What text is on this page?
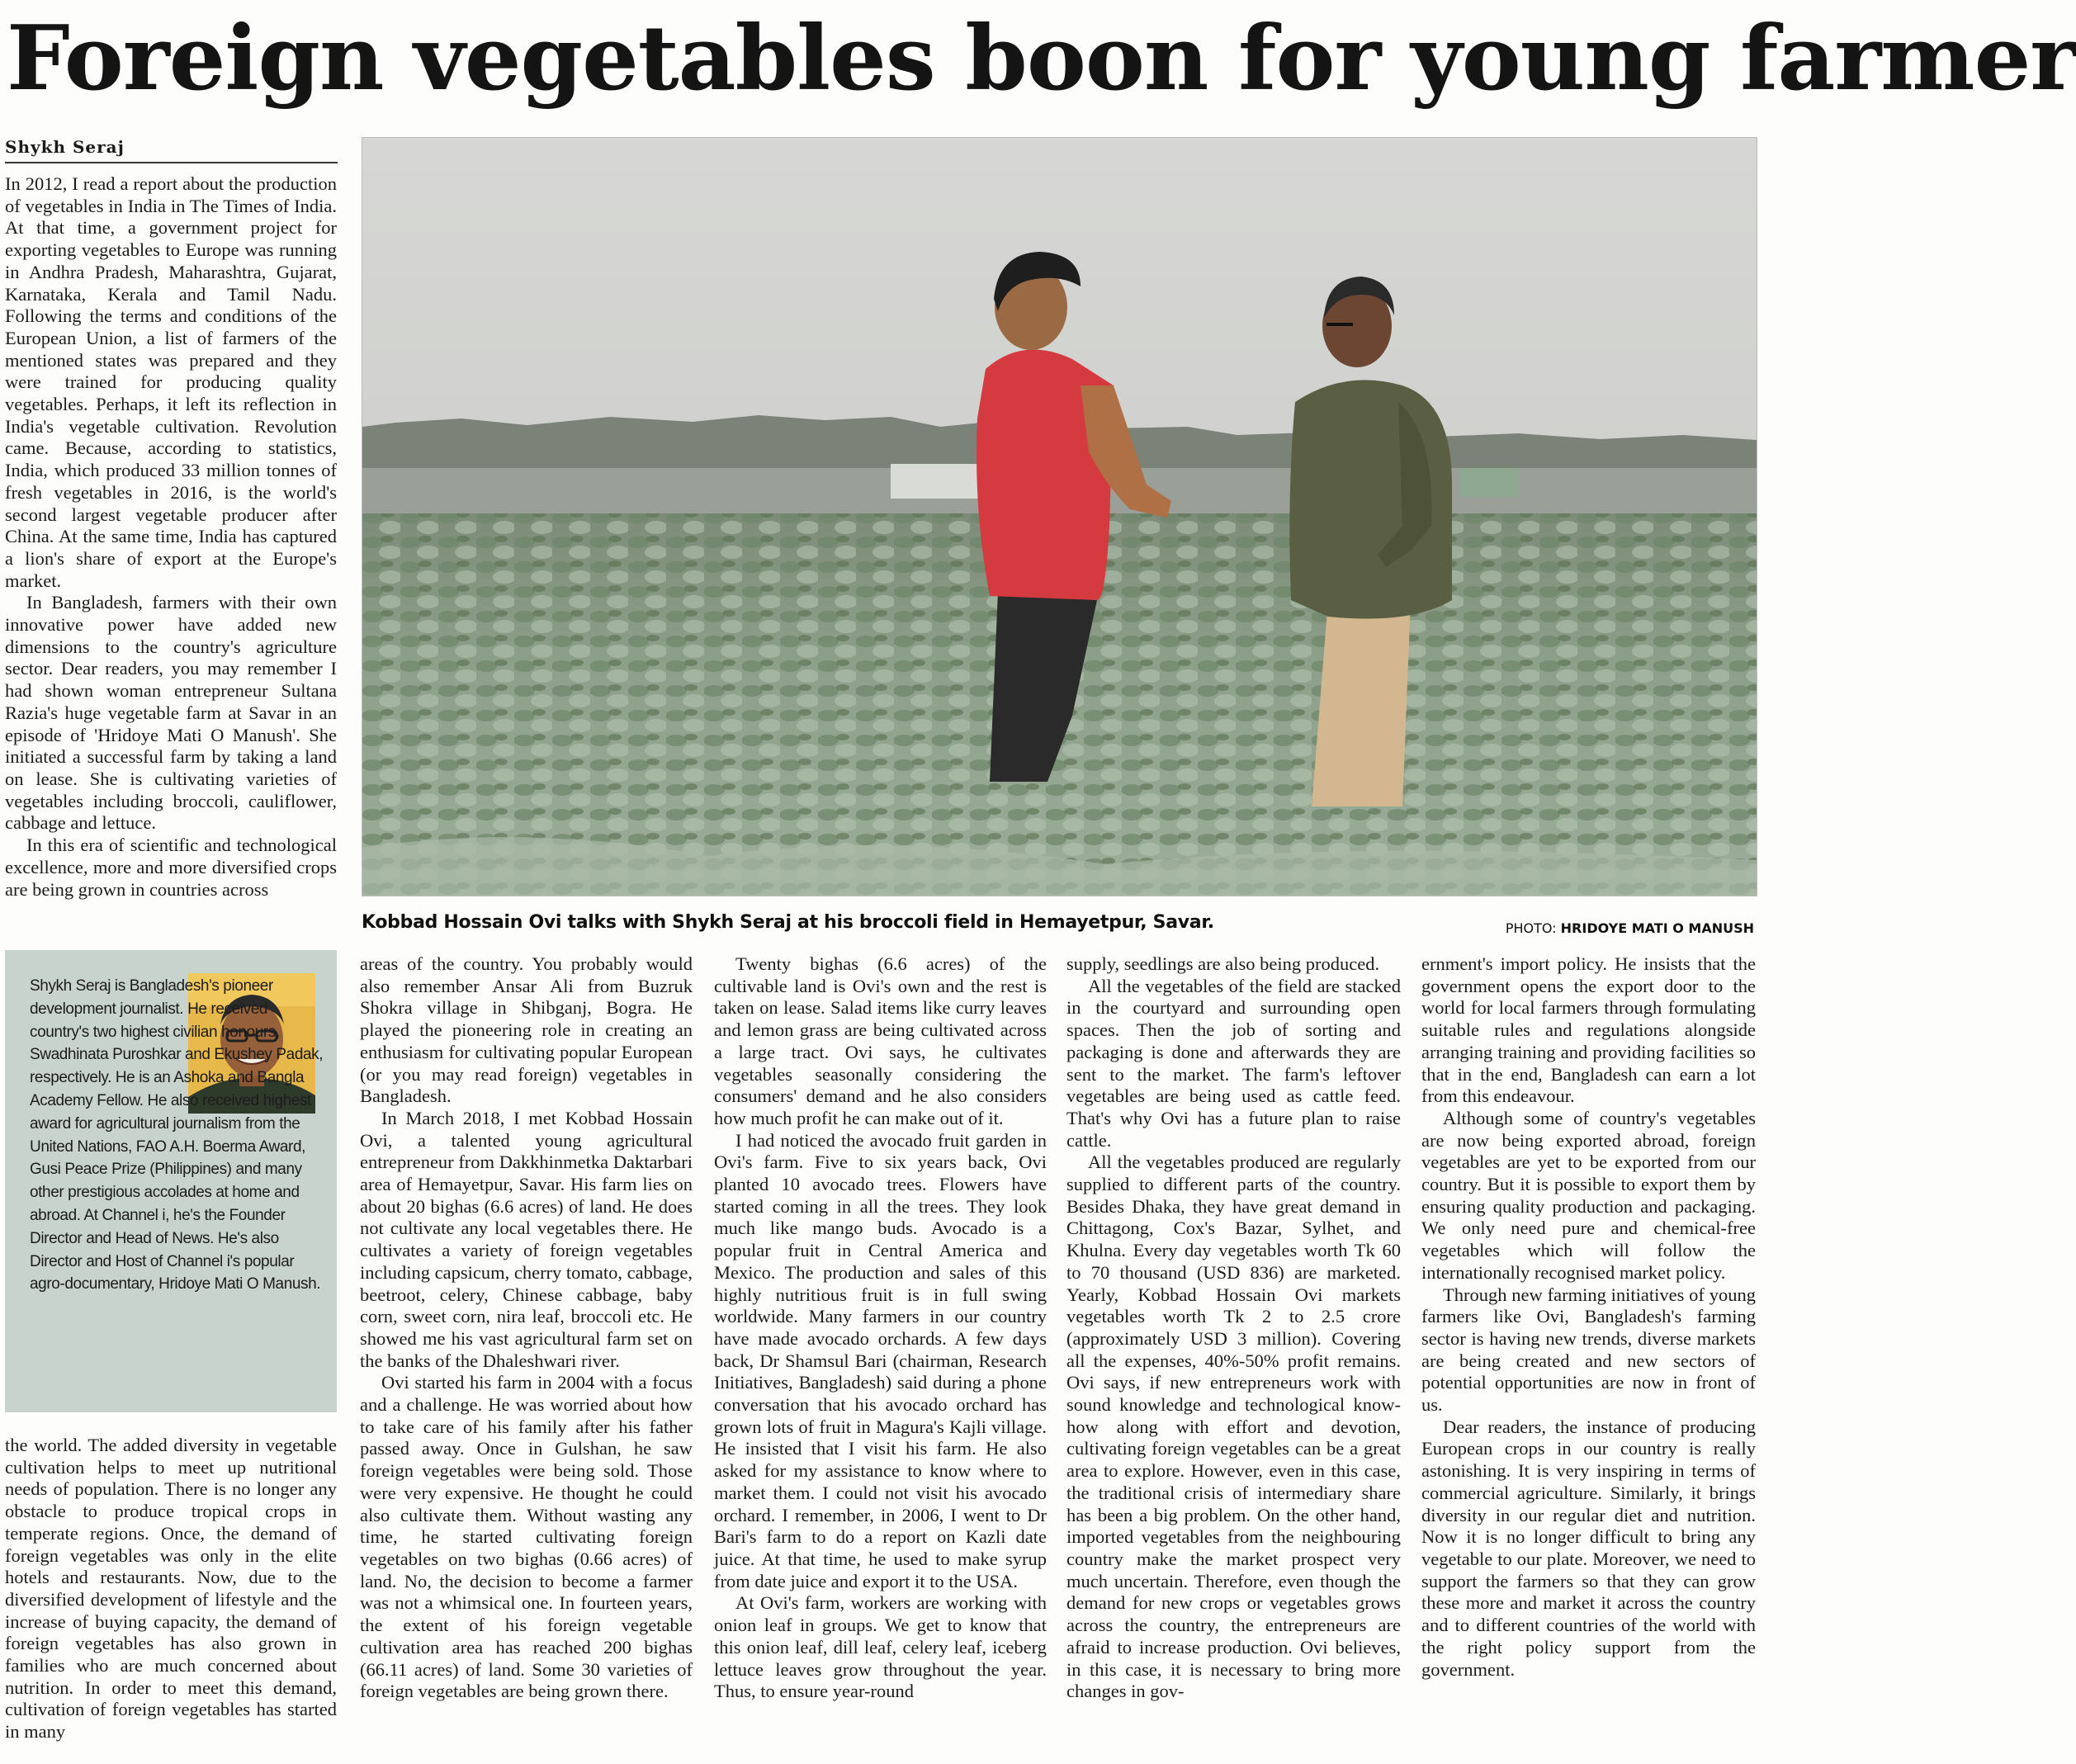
Foreign vegetables boon for young farmer
Shykh Seraj

In 2012, I read a report about the production of vegetables in India in The Times of India. At that time, a government project for exporting vegetables to Europe was running in Andhra Pradesh, Maharashtra, Gujarat, Karnataka, Kerala and Tamil Nadu. Following the terms and conditions of the European Union, a list of farmers of the mentioned states was prepared and they were trained for producing quality vegetables. Perhaps, it left its reflection in India's vegetable cultivation. Revolution came. Because, according to statistics, India, which produced 33 million tonnes of fresh vegetables in 2016, is the world's second largest vegetable producer after China. At the same time, India has captured a lion's share of export at the Europe's market.

In Bangladesh, farmers with their own innovative power have added new dimensions to the country's agriculture sector. Dear readers, you may remember I had shown woman entrepreneur Sultana Razia's huge vegetable farm at Savar in an episode of 'Hridoye Mati O Manush'. She initiated a successful farm by taking a land on lease. She is cultivating varieties of vegetables including broccoli, cauliflower, cabbage and lettuce.

In this era of scientific and technological excellence, more and more diversified crops are being grown in countries across

Shykh Seraj is Bangladesh's pioneer development journalist. He received country's two highest civilian honours, Swadhinata Puroshkar and Ekushey Padak, respectively. He is an Ashoka and Bangla Academy Fellow. He also received highest award for agricultural journalism from the United Nations, FAO A.H. Boerma Award, Gusi Peace Prize (Philippines) and many other prestigious accolades at home and abroad. At Channel i, he's the Founder Director and Head of News. He's also Director and Host of Channel i's popular agro-documentary, Hridoye Mati O Manush.

the world. The added diversity in vegetable cultivation helps to meet up nutritional needs of population. There is no longer any obstacle to produce tropical crops in temperate regions. Once, the demand of foreign vegetables was only in the elite hotels and restaurants. Now, due to the diversified development of lifestyle and the increase of buying capacity, the demand of foreign vegetables has also grown in families who are much concerned about nutrition. In order to meet this demand, cultivation of foreign vegetables has started in many

Kobbad Hossain Ovi talks with Shykh Seraj at his broccoli field in Hemayetpur, Savar.	PHOTO: HRIDOYE MATI O MANUSH

areas of the country. You probably would also remember Ansar Ali from Buzruk Shokra village in Shibganj, Bogra. He played the pioneering role in creating an enthusiasm for cultivating popular European (or you may read foreign) vegetables in Bangladesh.

In March 2018, I met Kobbad Hossain Ovi, a talented young agricultural entrepreneur from Dakkhinmetka Daktarbari area of Hemayetpur, Savar. His farm lies on about 20 bighas (6.6 acres) of land. He does not cultivate any local vegetables there. He cultivates a variety of foreign vegetables including capsicum, cherry tomato, cabbage, beetroot, celery, Chinese cabbage, baby corn, sweet corn, nira leaf, broccoli etc. He showed me his vast agricultural farm set on the banks of the Dhaleshwari river.

Ovi started his farm in 2004 with a focus and a challenge. He was worried about how to take care of his family after his father passed away. Once in Gulshan, he saw foreign vegetables were being sold. Those were very expensive. He thought he could also cultivate them. Without wasting any time, he started cultivating foreign vegetables on two bighas (0.66 acres) of land. No, the decision to become a farmer was not a whimsical one. In fourteen years, the extent of his foreign vegetable cultivation area has reached 200 bighas (66.11 acres) of land. Some 30 varieties of foreign vegetables are being grown there.

Twenty bighas (6.6 acres) of the cultivable land is Ovi's own and the rest is taken on lease. Salad items like curry leaves and lemon grass are being cultivated across a large tract. Ovi says, he cultivates vegetables seasonally considering the consumers' demand and he also considers how much profit he can make out of it.

I had noticed the avocado fruit garden in Ovi's farm. Five to six years back, Ovi planted 10 avocado trees. Flowers have started coming in all the trees. They look much like mango buds. Avocado is a popular fruit in Central America and Mexico. The production and sales of this highly nutritious fruit is in full swing worldwide. Many farmers in our country have made avocado orchards. A few days back, Dr Shamsul Bari (chairman, Research Initiatives, Bangladesh) said during a phone conversation that his avocado orchard has grown lots of fruit in Magura's Kajli village. He insisted that I visit his farm. He also asked for my assistance to know where to market them. I could not visit his avocado orchard. I remember, in 2006, I went to Dr Bari's farm to do a report on Kazli date juice. At that time, he used to make syrup from date juice and export it to the USA.

At Ovi's farm, workers are working with onion leaf in groups. We get to know that this onion leaf, dill leaf, celery leaf, iceberg lettuce leaves grow throughout the year. Thus, to ensure year-round

supply, seedlings are also being produced.

All the vegetables of the field are stacked in the courtyard and surrounding open spaces. Then the job of sorting and packaging is done and afterwards they are sent to the market. The farm's leftover vegetables are being used as cattle feed. That's why Ovi has a future plan to raise cattle.

All the vegetables produced are regularly supplied to different parts of the country. Besides Dhaka, they have great demand in Chittagong, Cox's Bazar, Sylhet, and Khulna. Every day vegetables worth Tk 60 to 70 thousand (USD 836) are marketed. Yearly, Kobbad Hossain Ovi markets vegetables worth Tk 2 to 2.5 crore (approximately USD 3 million). Covering all the expenses, 40%-50% profit remains. Ovi says, if new entrepreneurs work with sound knowledge and technological know-how along with effort and devotion, cultivating foreign vegetables can be a great area to explore. However, even in this case, the traditional crisis of intermediary share has been a big problem. On the other hand, imported vegetables from the neighbouring country make the market prospect very much uncertain. Therefore, even though the demand for new crops or vegetables grows across the country, the entrepreneurs are afraid to increase production. Ovi believes, in this case, it is necessary to bring more changes in gov-

ernment's import policy. He insists that the government opens the export door to the world for local farmers through formulating suitable rules and regulations alongside arranging training and providing facilities so that in the end, Bangladesh can earn a lot from this endeavour.

Although some of country's vegetables are now being exported abroad, foreign vegetables are yet to be exported from our country. But it is possible to export them by ensuring quality production and packaging. We only need pure and chemical-free vegetables which will follow the internationally recognised market policy.

Through new farming initiatives of young farmers like Ovi, Bangladesh's farming sector is having new trends, diverse markets are being created and new sectors of potential opportunities are now in front of us.

Dear readers, the instance of producing European crops in our country is really astonishing. It is very inspiring in terms of commercial agriculture. Similarly, it brings diversity in our regular diet and nutrition. Now it is no longer difficult to bring any vegetable to our plate. Moreover, we need to support the farmers so that they can grow these more and market it across the country and to different countries of the world with the right policy support from the government.
